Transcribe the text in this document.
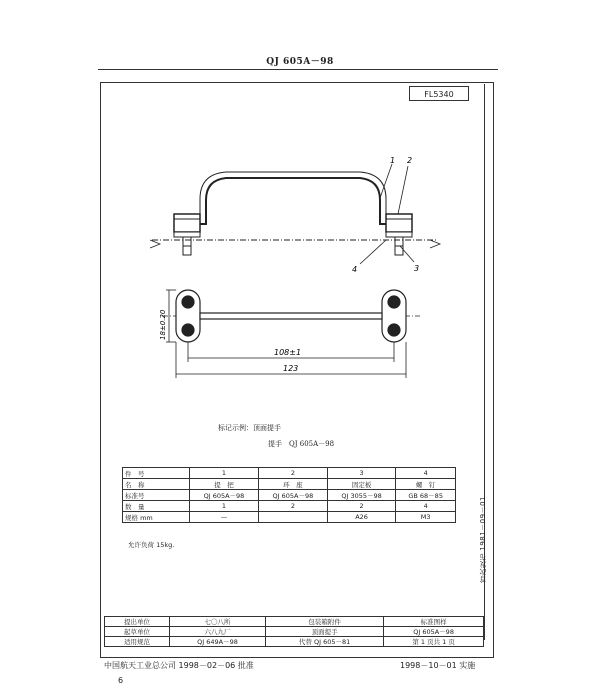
QJ 605A－98
FL5340
首次发布 1981－09－01
1 2
3
4
18±0.20
108±1
123
标记示例：顶面提手
提手　QJ 605A－98
件　号	1	2	3	4
名　称	提　把	环　座	固定板	螺　钉
标准号	QJ 605A－98	QJ 605A－98	QJ 3055－98	GB 68－85
数　量	1	2	2	4
规格 mm	—		A26	M3
允许负荷 15kg.
提出单位	七〇八所	包装箱附件	标准图样
起草单位	六八九厂	顶面提手	QJ 605A－98
适用规范	QJ 649A－98	代替 QJ 605－81	第 1 页共 1 页
中国航天工业总公司 1998－02－06 批准	1998－10－01 实施
6
